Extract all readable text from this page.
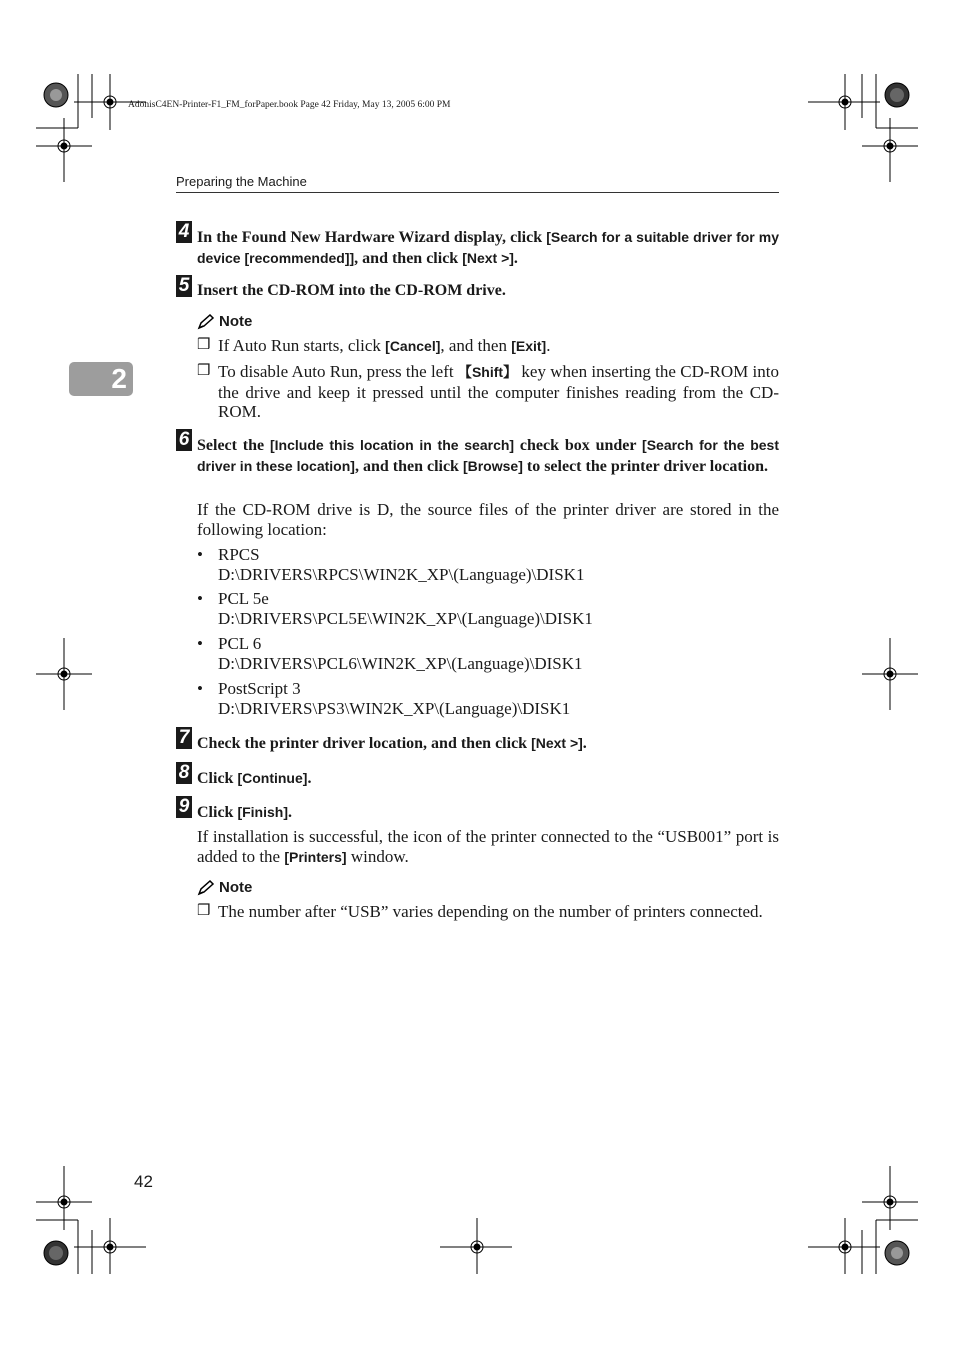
AdonisC4EN-Printer-F1_FM_forPaper.book Page 42 Friday, May 13, 2005 6:00 PM
Preparing the Machine
2
4 In the Found New Hardware Wizard display, click [Search for a suitable driver for my device [recommended]], and then click [Next >].
5 Insert the CD-ROM into the CD-ROM drive.
Note
❒ If Auto Run starts, click [Cancel], and then [Exit].
❒ To disable Auto Run, press the left 【Shift】 key when inserting the CD-ROM into the drive and keep it pressed until the computer finishes reading from the CD-ROM.
6 Select the [Include this location in the search] check box under [Search for the best driver in these location], and then click [Browse] to select the printer driver location.
If the CD-ROM drive is D, the source files of the printer driver are stored in the following location:
• RPCS
D:\DRIVERS\RPCS\WIN2K_XP\(Language)\DISK1
• PCL 5e
D:\DRIVERS\PCL5E\WIN2K_XP\(Language)\DISK1
• PCL 6
D:\DRIVERS\PCL6\WIN2K_XP\(Language)\DISK1
• PostScript 3
D:\DRIVERS\PS3\WIN2K_XP\(Language)\DISK1
7 Check the printer driver location, and then click [Next >].
8 Click [Continue].
9 Click [Finish].
If installation is successful, the icon of the printer connected to the “USB001” port is added to the [Printers] window.
Note
❒ The number after “USB” varies depending on the number of printers connected.
42
